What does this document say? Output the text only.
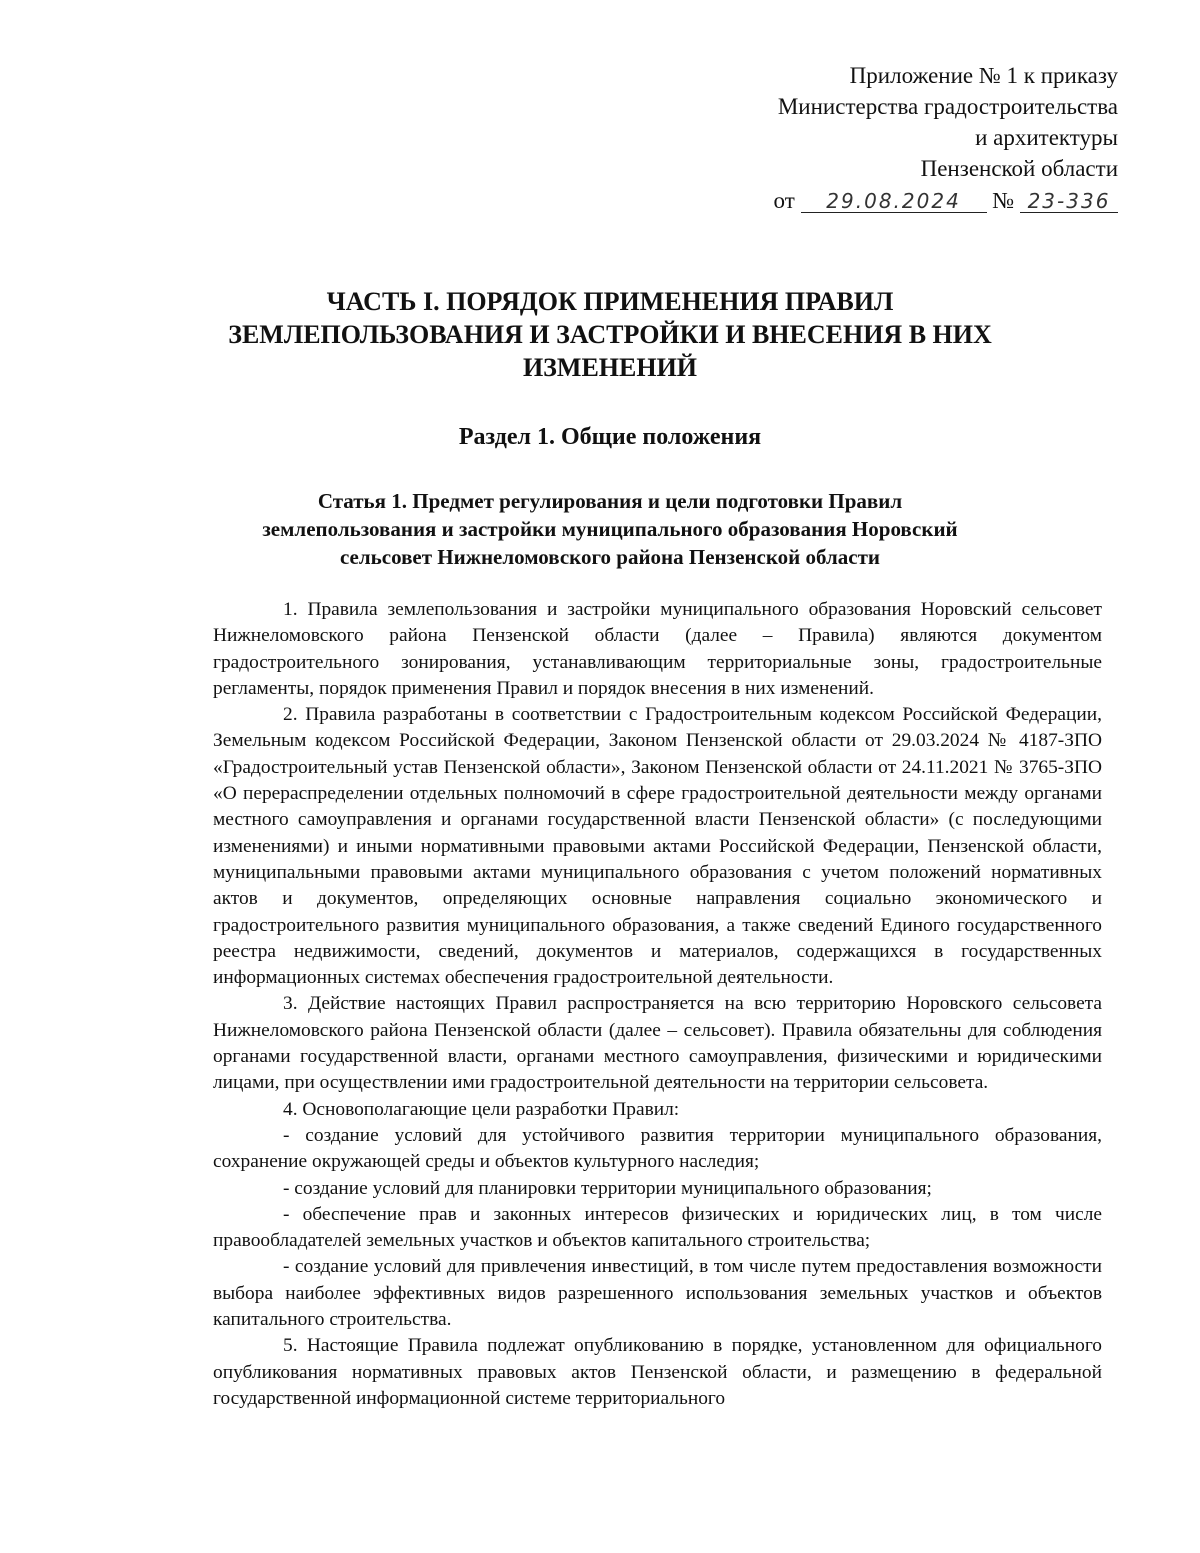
Приложение № 1 к приказу
Министерства градостроительства
и архитектуры
Пензенской области
от 29.08.2024 № 23-336
ЧАСТЬ I. ПОРЯДОК ПРИМЕНЕНИЯ ПРАВИЛ
ЗЕМЛЕПОЛЬЗОВАНИЯ И ЗАСТРОЙКИ И ВНЕСЕНИЯ В НИХ
ИЗМЕНЕНИЙ
Раздел 1. Общие положения
Статья 1. Предмет регулирования и цели подготовки Правил
землепользования и застройки муниципального образования Норовский
сельсовет Нижнеломовского района Пензенской области

1. Правила землепользования и застройки муниципального образования Норовский сельсовет Нижнеломовского района Пензенской области (далее – Правила) являются документом градостроительного зонирования, устанавливающим территориальные зоны, градостроительные регламенты, порядок применения Правил и порядок внесения в них изменений.

2. Правила разработаны в соответствии с Градостроительным кодексом Российской Федерации, Земельным кодексом Российской Федерации, Законом Пензенской области от 29.03.2024 № 4187-ЗПО «Градостроительный устав Пензенской области», Законом Пензенской области от 24.11.2021 № 3765-ЗПО «О перераспределении отдельных полномочий в сфере градостроительной деятельности между органами местного самоуправления и органами государственной власти Пензенской области» (с последующими изменениями) и иными нормативными правовыми актами Российской Федерации, Пензенской области, муниципальными правовыми актами муниципального образования с учетом положений нормативных актов и документов, определяющих основные направления социально экономического и градостроительного развития муниципального образования, а также сведений Единого государственного реестра недвижимости, сведений, документов и материалов, содержащихся в государственных информационных системах обеспечения градостроительной деятельности.

3. Действие настоящих Правил распространяется на всю территорию Норовского сельсовета Нижнеломовского района Пензенской области (далее – сельсовет). Правила обязательны для соблюдения органами государственной власти, органами местного самоуправления, физическими и юридическими лицами, при осуществлении ими градостроительной деятельности на территории сельсовета.

4. Основополагающие цели разработки Правил:

- создание условий для устойчивого развития территории муниципального образования, сохранение окружающей среды и объектов культурного наследия;

- создание условий для планировки территории муниципального образования;

- обеспечение прав и законных интересов физических и юридических лиц, в том числе правообладателей земельных участков и объектов капитального строительства;

- создание условий для привлечения инвестиций, в том числе путем предоставления возможности выбора наиболее эффективных видов разрешенного использования земельных участков и объектов капитального строительства.

5. Настоящие Правила подлежат опубликованию в порядке, установленном для официального опубликования нормативных правовых актов Пензенской области, и размещению в федеральной государственной информационной системе территориального
